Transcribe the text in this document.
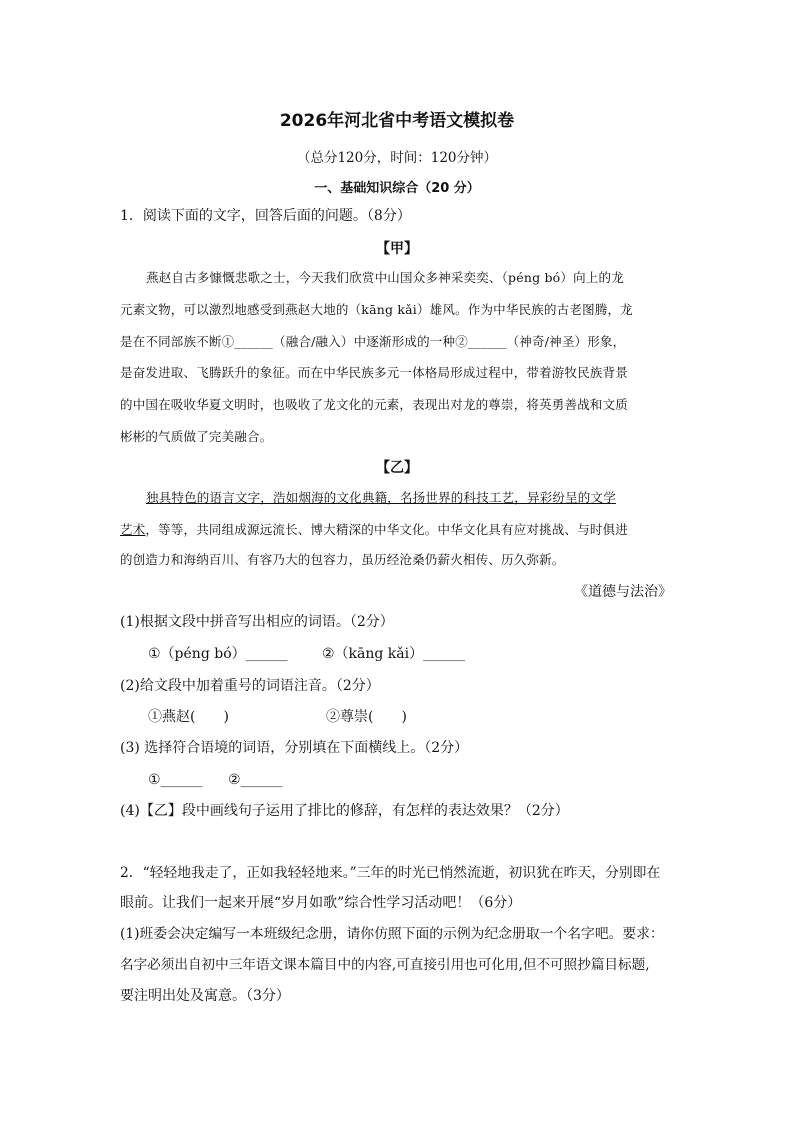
2026年河北省中考语文模拟卷
（总分120分，时间：120分钟）
一、基础知识综合（20 分）
1．阅读下面的文字，回答后面的问题。（8分）
【甲】
燕赵自古多慷慨悲歌之士，今天我们欣赏中山国众多神采奕奕、（péng bó）向上的龙
元素文物，可以激烈地感受到燕赵大地的（kāng kǎi）雄风。作为中华民族的古老图腾，龙
是在不同部族不断①______（融合/融入）中逐渐形成的一种②______（神奇/神圣）形象，
是奋发进取、飞腾跃升的象征。而在中华民族多元一体格局形成过程中，带着游牧民族背景
的中国在吸收华夏文明时，也吸收了龙文化的元素，表现出对龙的尊崇，将英勇善战和文质
彬彬的气质做了完美融合。
【乙】
独具特色的语言文字，浩如烟海的文化典籍，名扬世界的科技工艺，异彩纷呈的文学
艺术，等等，共同组成源远流长、博大精深的中华文化。中华文化具有应对挑战、与时俱进
的创造力和海纳百川、有容乃大的包容力，虽历经沧桑仍薪火相传、历久弥新。
《道德与法治》
(1)根据文段中拼音写出相应的词语。（2分）
①（péng bó）______	②（kāng kǎi）______
(2)给文段中加着重号的词语注音。（2分）
①燕赵(　　)	②尊崇(　　)
(3) 选择符合语境的词语，分别填在下面横线上。（2分）
①______	②______
(4)【乙】段中画线句子运用了排比的修辞，有怎样的表达效果？（2分）
2．“轻轻地我走了，正如我轻轻地来。”三年的时光已悄然流逝，初识犹在昨天，分别即在
眼前。让我们一起来开展“岁月如歌”综合性学习活动吧！（6分）
(1)班委会决定编写一本班级纪念册，请你仿照下面的示例为纪念册取一个名字吧。要求：
名字必须出自初中三年语文课本篇目中的内容,可直接引用也可化用,但不可照抄篇目标题,
要注明出处及寓意。（3分）
